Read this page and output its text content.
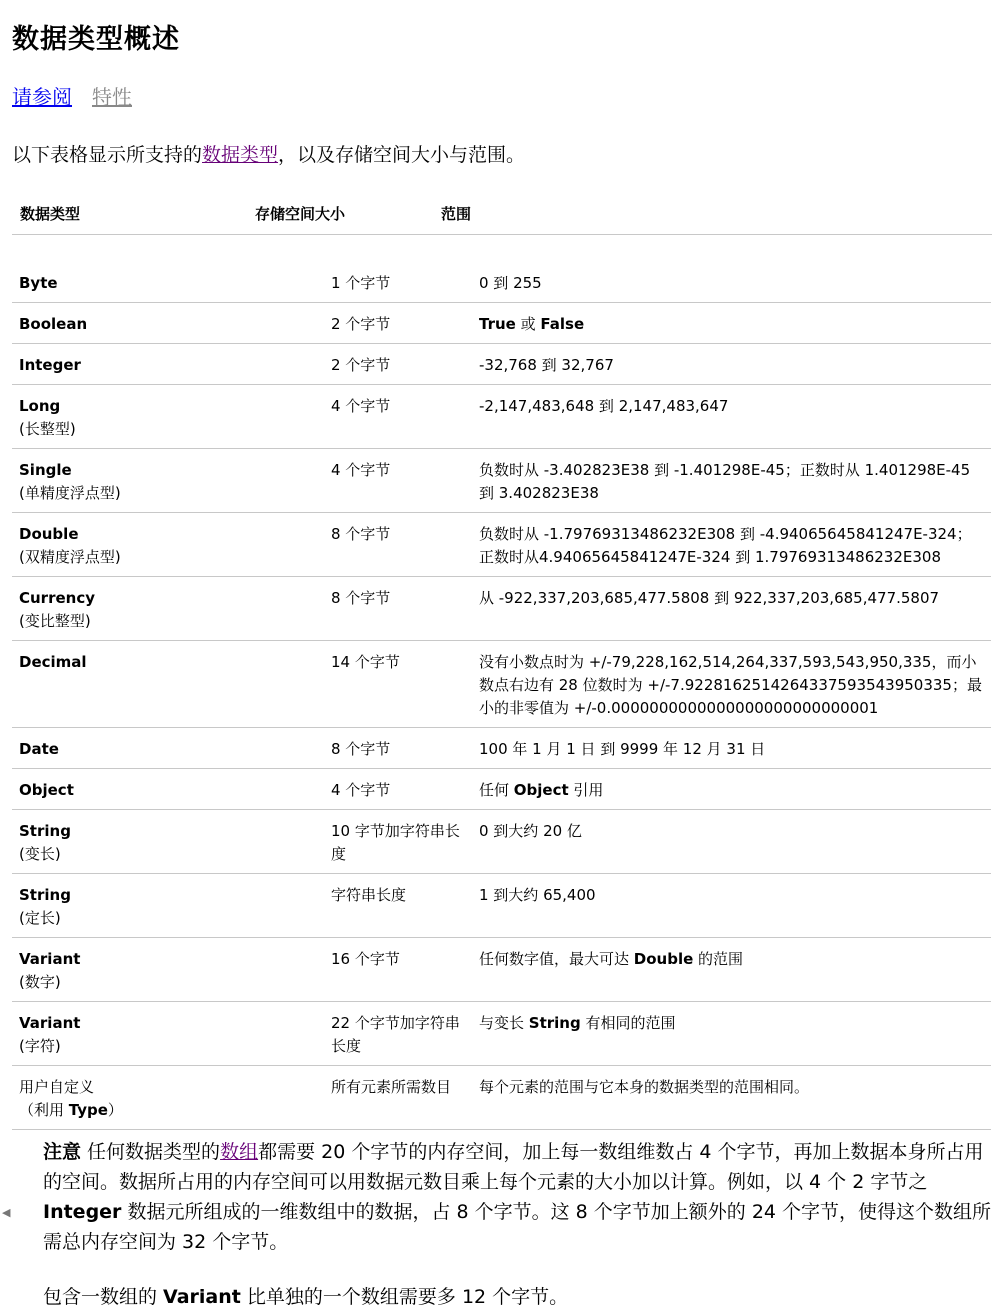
数据类型概述
请参阅 特性
以下表格显示所支持的数据类型，以及存储空间大小与范围。
数据类型	存储空间大小	范围
Byte	1 个字节	0 到 255
Boolean	2 个字节	True 或 False
Integer	2 个字节	-32,768 到 32,767
Long
(长整型)	4 个字节	-2,147,483,648 到 2,147,483,647
Single
(单精度浮点型)	4 个字节	负数时从 -3.402823E38 到 -1.401298E-45；正数时从 1.401298E-45 到 3.402823E38
Double
(双精度浮点型)	8 个字节	负数时从 -1.79769313486232E308 到 -4.94065645841247E-324；正数时从4.94065645841247E-324 到 1.79769313486232E308
Currency
(变比整型)	8 个字节	从 -922,337,203,685,477.5808 到 922,337,203,685,477.5807
Decimal	14 个字节	没有小数点时为 +/-79,228,162,514,264,337,593,543,950,335，而小数点右边有 28 位数时为 +/-7.9228162514264337593543950335；最小的非零值为 +/-0.0000000000000000000000000001
Date	8 个字节	100 年 1 月 1 日 到 9999 年 12 月 31 日
Object	4 个字节	任何 Object 引用
String
(变长)	10 字节加字符串长度	0 到大约 20 亿
String
(定长)	字符串长度	1 到大约 65,400
Variant
(数字)	16 个字节	任何数字值，最大可达 Double 的范围
Variant
(字符)	22 个字节加字符串长度	与变长 String 有相同的范围
用户自定义
（利用 Type）	所有元素所需数目	每个元素的范围与它本身的数据类型的范围相同。
◀

注意 任何数据类型的数组都需要 20 个字节的内存空间，加上每一数组维数占 4 个字节，再加上数据本身所占用的空间。数据所占用的内存空间可以用数据元数目乘上每个元素的大小加以计算。例如，以 4 个 2 字节之 Integer 数据元所组成的一维数组中的数据，占 8 个字节。这 8 个字节加上额外的 24 个字节，使得这个数组所需总内存空间为 32 个字节。

包含一数组的 Variant 比单独的一个数组需要多 12 个字节。
